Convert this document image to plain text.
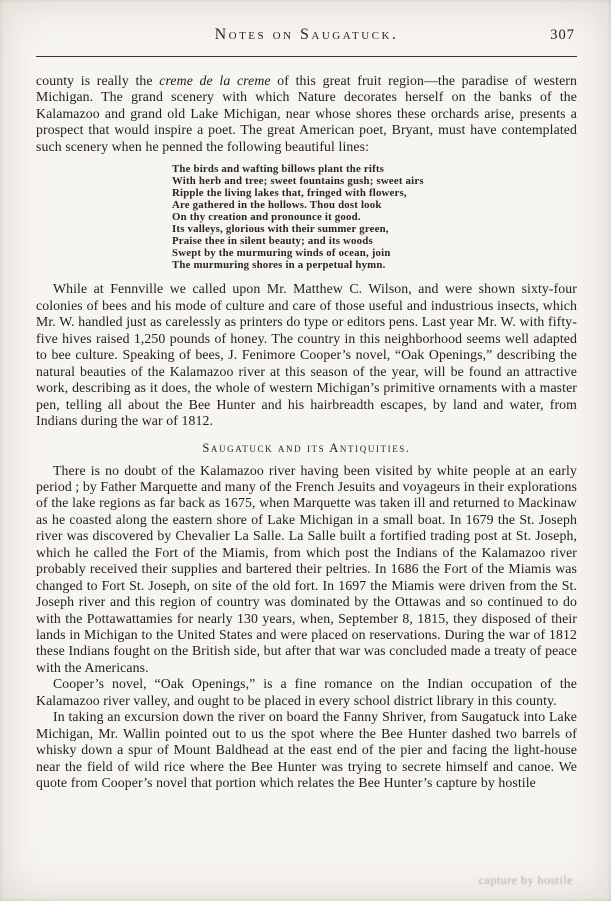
Notes on Saugatuck.	307

county is really the creme de la creme of this great fruit region—the paradise of western Michigan. The grand scenery with which Nature decorates herself on the banks of the Kalamazoo and grand old Lake Michigan, near whose shores these orchards arise, presents a prospect that would inspire a poet. The great American poet, Bryant, must have contemplated such scenery when he penned the following beautiful lines:

The birds and wafting billows plant the rifts
With herb and tree; sweet fountains gush; sweet airs
Ripple the living lakes that, fringed with flowers,
Are gathered in the hollows. Thou dost look
On thy creation and pronounce it good.
Its valleys, glorious with their summer green,
Praise thee in silent beauty; and its woods
Swept by the murmuring winds of ocean, join
The murmuring shores in a perpetual hymn.

While at Fennville we called upon Mr. Matthew C. Wilson, and were shown sixty-four colonies of bees and his mode of culture and care of those useful and industrious insects, which Mr. W. handled just as carelessly as printers do type or editors pens. Last year Mr. W. with fifty-five hives raised 1,250 pounds of honey. The country in this neighborhood seems well adapted to bee culture. Speaking of bees, J. Fenimore Cooper’s novel, “Oak Openings,” describing the natural beauties of the Kalamazoo river at this season of the year, will be found an attractive work, describing as it does, the whole of western Michigan’s primitive ornaments with a master pen, telling all about the Bee Hunter and his hairbreadth escapes, by land and water, from Indians during the war of 1812.

Saugatuck and its Antiquities.

There is no doubt of the Kalamazoo river having been visited by white people at an early period ; by Father Marquette and many of the French Jesuits and voyageurs in their explorations of the lake regions as far back as 1675, when Marquette was taken ill and returned to Mackinaw as he coasted along the eastern shore of Lake Michigan in a small boat. In 1679 the St. Joseph river was discovered by Chevalier La Salle. La Salle built a fortified trading post at St. Joseph, which he called the Fort of the Miamis, from which post the Indians of the Kalamazoo river probably received their supplies and bartered their peltries. In 1686 the Fort of the Miamis was changed to Fort St. Joseph, on site of the old fort. In 1697 the Miamis were driven from the St. Joseph river and this region of country was dominated by the Ottawas and so continued to do with the Pottawattamies for nearly 130 years, when, September 8, 1815, they disposed of their lands in Michigan to the United States and were placed on reservations. During the war of 1812 these Indians fought on the British side, but after that war was concluded made a treaty of peace with the Americans.

Cooper’s novel, “Oak Openings,” is a fine romance on the Indian occupation of the Kalamazoo river valley, and ought to be placed in every school district library in this county.

In taking an excursion down the river on board the Fanny Shriver, from Saugatuck into Lake Michigan, Mr. Wallin pointed out to us the spot where the Bee Hunter dashed two barrels of whisky down a spur of Mount Baldhead at the east end of the pier and facing the light-house near the field of wild rice where the Bee Hunter was trying to secrete himself and canoe. We quote from Cooper’s novel that portion which relates the Bee Hunter’s capture by hostile

capture by hostile
